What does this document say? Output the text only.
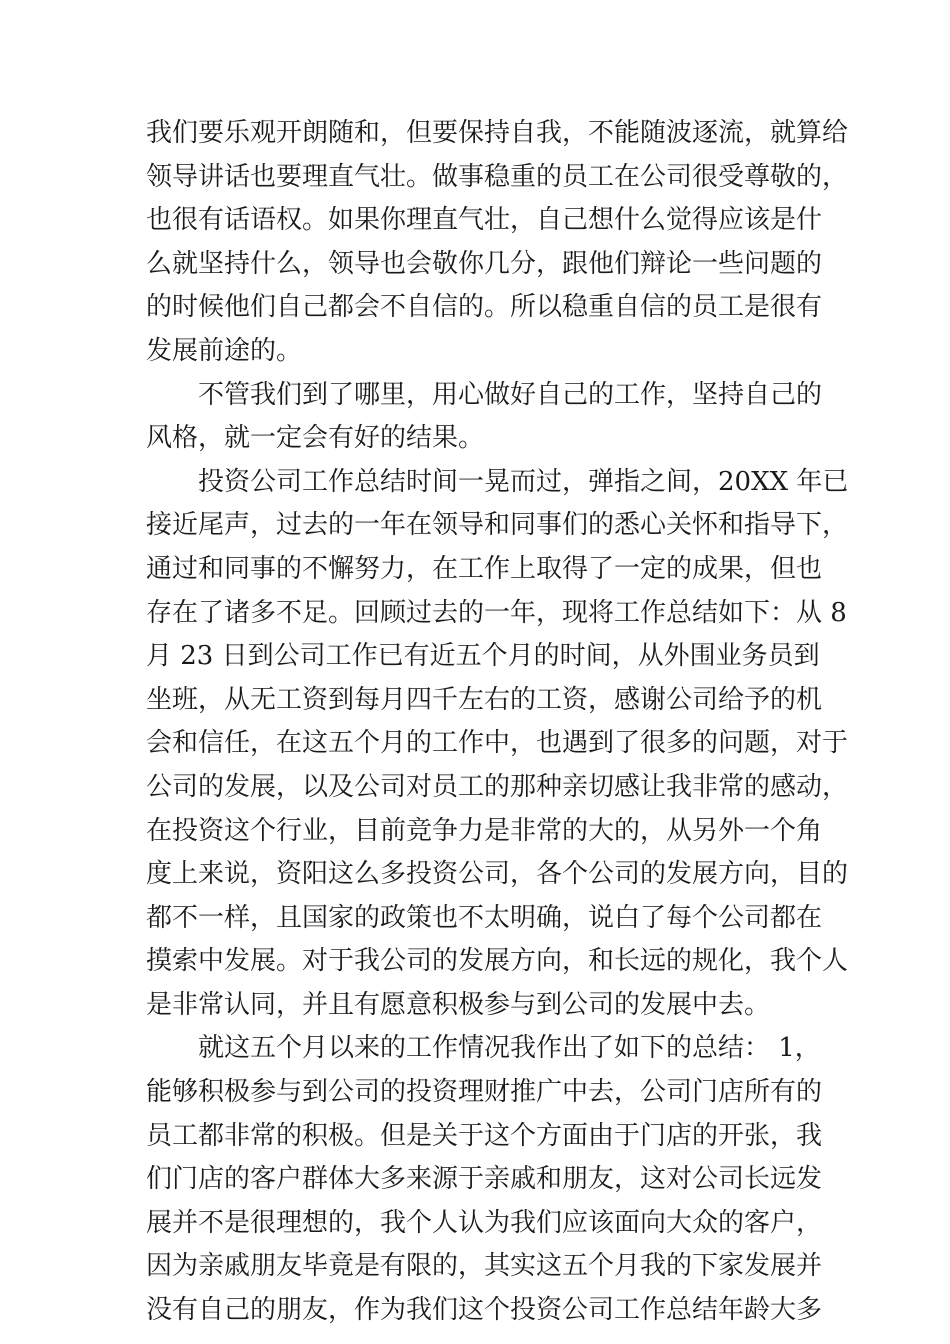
我们要乐观开朗随和，但要保持自我，不能随波逐流，就算给
领导讲话也要理直气壮。做事稳重的员工在公司很受尊敬的，
也很有话语权。如果你理直气壮，自己想什么觉得应该是什
么就坚持什么，领导也会敬你几分，跟他们辩论一些问题的
的时候他们自己都会不自信的。所以稳重自信的员工是很有
发展前途的。
不管我们到了哪里，用心做好自己的工作，坚持自己的
风格，就一定会有好的结果。
投资公司工作总结时间一晃而过，弹指之间，20XX 年已
接近尾声，过去的一年在领导和同事们的悉心关怀和指导下，
通过和同事的不懈努力，在工作上取得了一定的成果，但也
存在了诸多不足。回顾过去的一年，现将工作总结如下：从 8
月 23 日到公司工作已有近五个月的时间，从外围业务员到
坐班，从无工资到每月四千左右的工资，感谢公司给予的机
会和信任，在这五个月的工作中，也遇到了很多的问题，对于
公司的发展，以及公司对员工的那种亲切感让我非常的感动，
在投资这个行业，目前竞争力是非常的大的，从另外一个角
度上来说，资阳这么多投资公司，各个公司的发展方向，目的
都不一样，且国家的政策也不太明确，说白了每个公司都在
摸索中发展。对于我公司的发展方向，和长远的规化，我个人
是非常认同，并且有愿意积极参与到公司的发展中去。
就这五个月以来的工作情况我作出了如下的总结： 1，
能够积极参与到公司的投资理财推广中去，公司门店所有的
员工都非常的积极。但是关于这个方面由于门店的开张，我
们门店的客户群体大多来源于亲戚和朋友，这对公司长远发
展并不是很理想的，我个人认为我们应该面向大众的客户，
因为亲戚朋友毕竟是有限的，其实这五个月我的下家发展并
没有自己的朋友，作为我们这个投资公司工作总结年龄大多
